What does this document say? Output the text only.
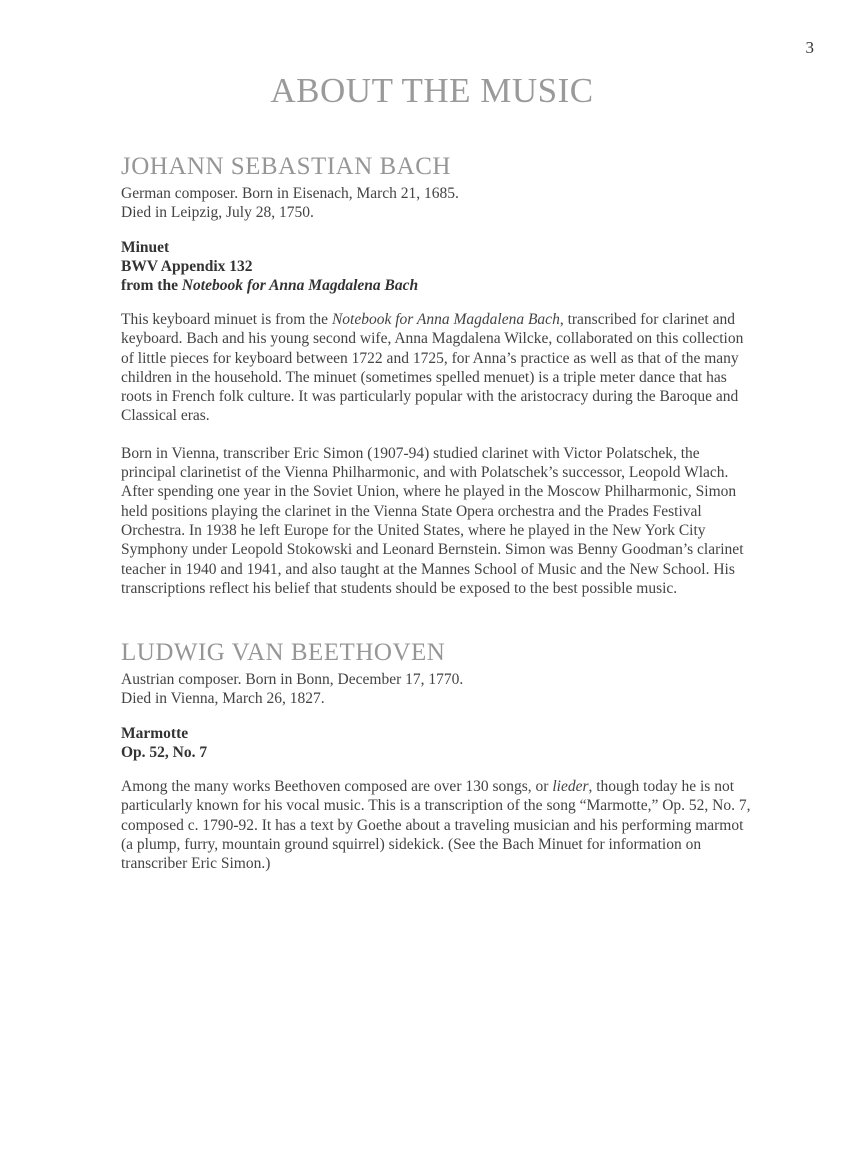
3
ABOUT THE MUSIC
JOHANN SEBASTIAN BACH

German composer. Born in Eisenach, March 21, 1685.

Died in Leipzig, July 28, 1750.

Minuet

BWV Appendix 132

from the Notebook for Anna Magdalena Bach

This keyboard minuet is from the Notebook for Anna Magdalena Bach, transcribed for clarinet and keyboard. Bach and his young second wife, Anna Magdalena Wilcke, collaborated on this collection of little pieces for keyboard between 1722 and 1725, for Anna’s practice as well as that of the many children in the household. The minuet (sometimes spelled menuet) is a triple meter dance that has roots in French folk culture. It was particularly popular with the aristocracy during the Baroque and Classical eras.

Born in Vienna, transcriber Eric Simon (1907-94) studied clarinet with Victor Polatschek, the principal clarinetist of the Vienna Philharmonic, and with Polatschek’s successor, Leopold Wlach. After spending one year in the Soviet Union, where he played in the Moscow Philharmonic, Simon held positions playing the clarinet in the Vienna State Opera orchestra and the Prades Festival Orchestra. In 1938 he left Europe for the United States, where he played in the New York City Symphony under Leopold Stokowski and Leonard Bernstein. Simon was Benny Goodman’s clarinet teacher in 1940 and 1941, and also taught at the Mannes School of Music and the New School. His transcriptions reflect his belief that students should be exposed to the best possible music.

LUDWIG VAN BEETHOVEN

Austrian composer. Born in Bonn, December 17, 1770.

Died in Vienna, March 26, 1827.

Marmotte

Op. 52, No. 7

Among the many works Beethoven composed are over 130 songs, or lieder, though today he is not particularly known for his vocal music. This is a transcription of the song “Marmotte,” Op. 52, No. 7, composed c. 1790-92. It has a text by Goethe about a traveling musician and his performing marmot (a plump, furry, mountain ground squirrel) sidekick. (See the Bach Minuet for information on transcriber Eric Simon.)
